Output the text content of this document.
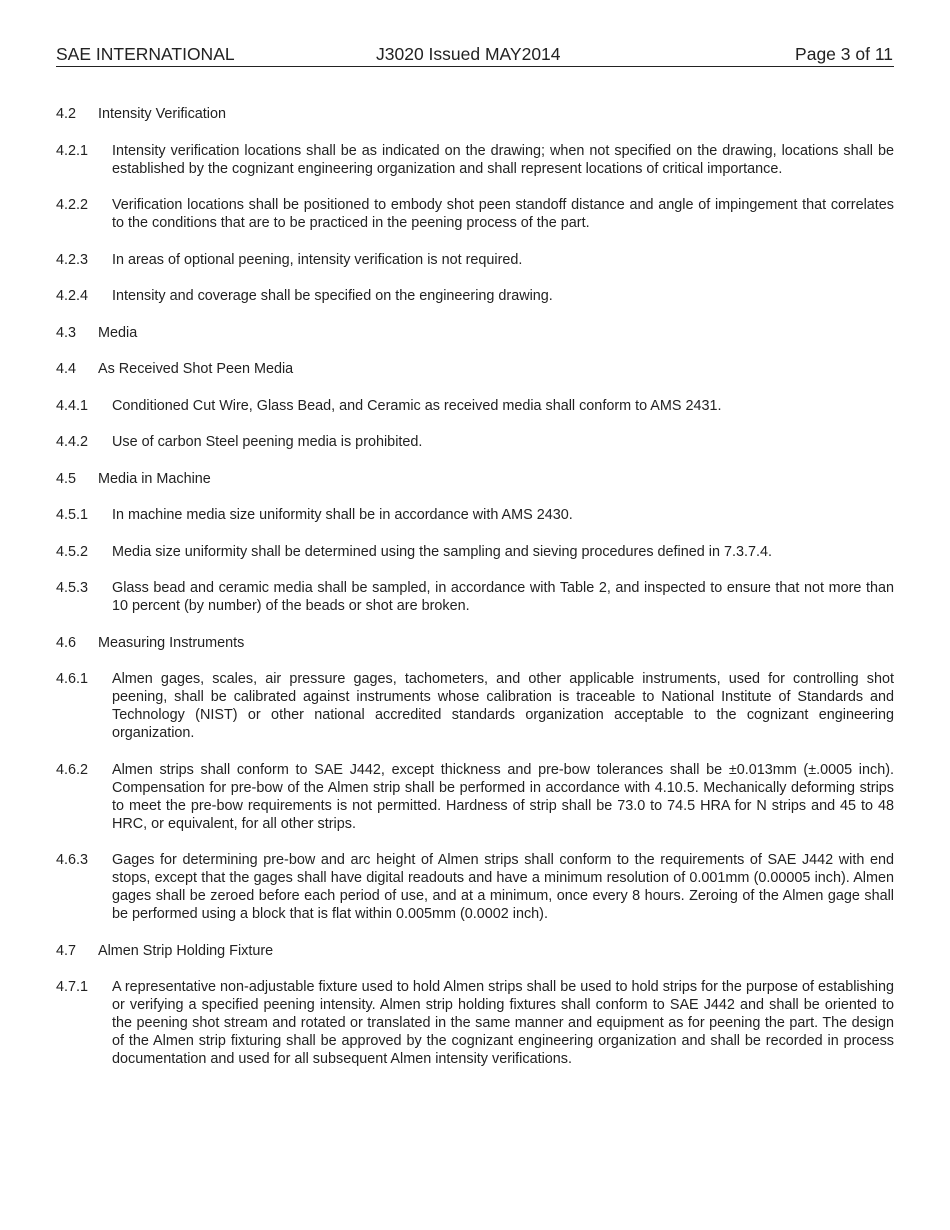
SAE INTERNATIONAL	J3020 Issued MAY2014	Page 3 of 11
4.2	Intensity Verification
4.2.1	Intensity verification locations shall be as indicated on the drawing; when not specified on the drawing, locations shall be established by the cognizant engineering organization and shall represent locations of critical importance.
4.2.2	Verification locations shall be positioned to embody shot peen standoff distance and angle of impingement that correlates to the conditions that are to be practiced in the peening process of the part.
4.2.3	In areas of optional peening, intensity verification is not required.
4.2.4	Intensity and coverage shall be specified on the engineering drawing.
4.3	Media
4.4	As Received Shot Peen Media
4.4.1	Conditioned Cut Wire, Glass Bead, and Ceramic as received media shall conform to AMS 2431.
4.4.2	Use of carbon Steel peening media is prohibited.
4.5	Media in Machine
4.5.1	In machine media size uniformity shall be in accordance with AMS 2430.
4.5.2	Media size uniformity shall be determined using the sampling and sieving procedures defined in 7.3.7.4.
4.5.3	Glass bead and ceramic media shall be sampled, in accordance with Table 2, and inspected to ensure that not more than 10 percent (by number) of the beads or shot are broken.
4.6	Measuring Instruments
4.6.1	Almen gages, scales, air pressure gages, tachometers, and other applicable instruments, used for controlling shot peening, shall be calibrated against instruments whose calibration is traceable to National Institute of Standards and Technology (NIST) or other national accredited standards organization acceptable to the cognizant engineering organization.
4.6.2	Almen strips shall conform to SAE J442, except thickness and pre-bow tolerances shall be ±0.013mm (±.0005 inch). Compensation for pre-bow of the Almen strip shall be performed in accordance with 4.10.5. Mechanically deforming strips to meet the pre-bow requirements is not permitted. Hardness of strip shall be 73.0 to 74.5 HRA for N strips and 45 to 48 HRC, or equivalent, for all other strips.
4.6.3	Gages for determining pre-bow and arc height of Almen strips shall conform to the requirements of SAE J442 with end stops, except that the gages shall have digital readouts and have a minimum resolution of 0.001mm (0.00005 inch). Almen gages shall be zeroed before each period of use, and at a minimum, once every 8 hours. Zeroing of the Almen gage shall be performed using a block that is flat within 0.005mm (0.0002 inch).
4.7	Almen Strip Holding Fixture
4.7.1	A representative non-adjustable fixture used to hold Almen strips shall be used to hold strips for the purpose of establishing or verifying a specified peening intensity. Almen strip holding fixtures shall conform to SAE J442 and shall be oriented to the peening shot stream and rotated or translated in the same manner and equipment as for peening the part. The design of the Almen strip fixturing shall be approved by the cognizant engineering organization and shall be recorded in process documentation and used for all subsequent Almen intensity verifications.
